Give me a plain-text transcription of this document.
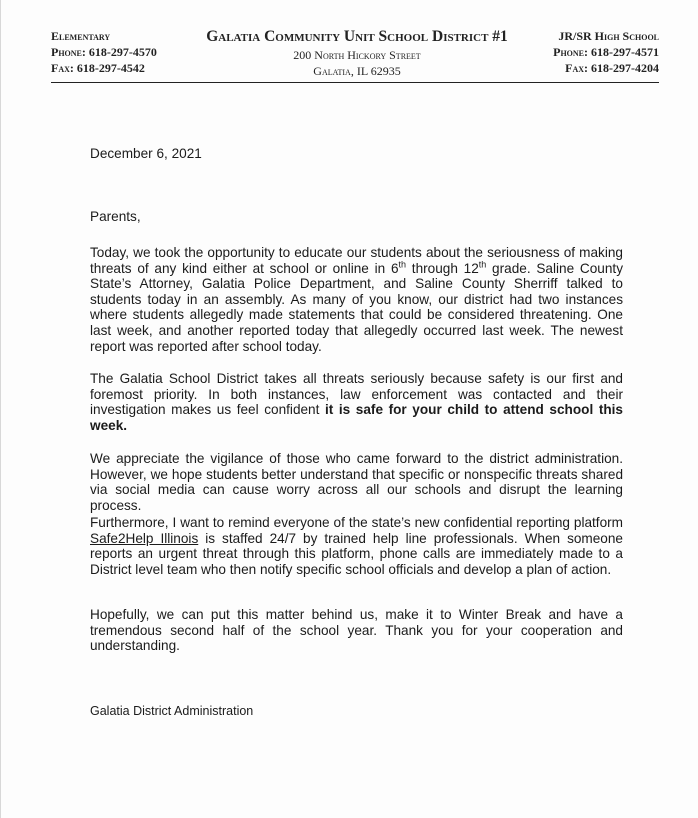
Elementary
Phone: 618-297-4570
Fax: 618-297-4542
Galatia Community Unit School District #1
200 North Hickory Street
Galatia, IL 62935
JR/SR High School
Phone: 618-297-4571
Fax: 618-297-4204
December 6, 2021
Parents,
Today, we took the opportunity to educate our students about the seriousness of making threats of any kind either at school or online in 6th through 12th grade. Saline County State’s Attorney, Galatia Police Department, and Saline County Sherriff talked to students today in an assembly. As many of you know, our district had two instances where students allegedly made statements that could be considered threatening. One last week, and another reported today that allegedly occurred last week. The newest report was reported after school today.
The Galatia School District takes all threats seriously because safety is our first and foremost priority. In both instances, law enforcement was contacted and their investigation makes us feel confident it is safe for your child to attend school this week.
We appreciate the vigilance of those who came forward to the district administration. However, we hope students better understand that specific or nonspecific threats shared via social media can cause worry across all our schools and disrupt the learning process.
Furthermore, I want to remind everyone of the state’s new confidential reporting platform Safe2Help Illinois is staffed 24/7 by trained help line professionals. When someone reports an urgent threat through this platform, phone calls are immediately made to a District level team who then notify specific school officials and develop a plan of action.
Hopefully, we can put this matter behind us, make it to Winter Break and have a tremendous second half of the school year. Thank you for your cooperation and understanding.
Galatia District Administration
